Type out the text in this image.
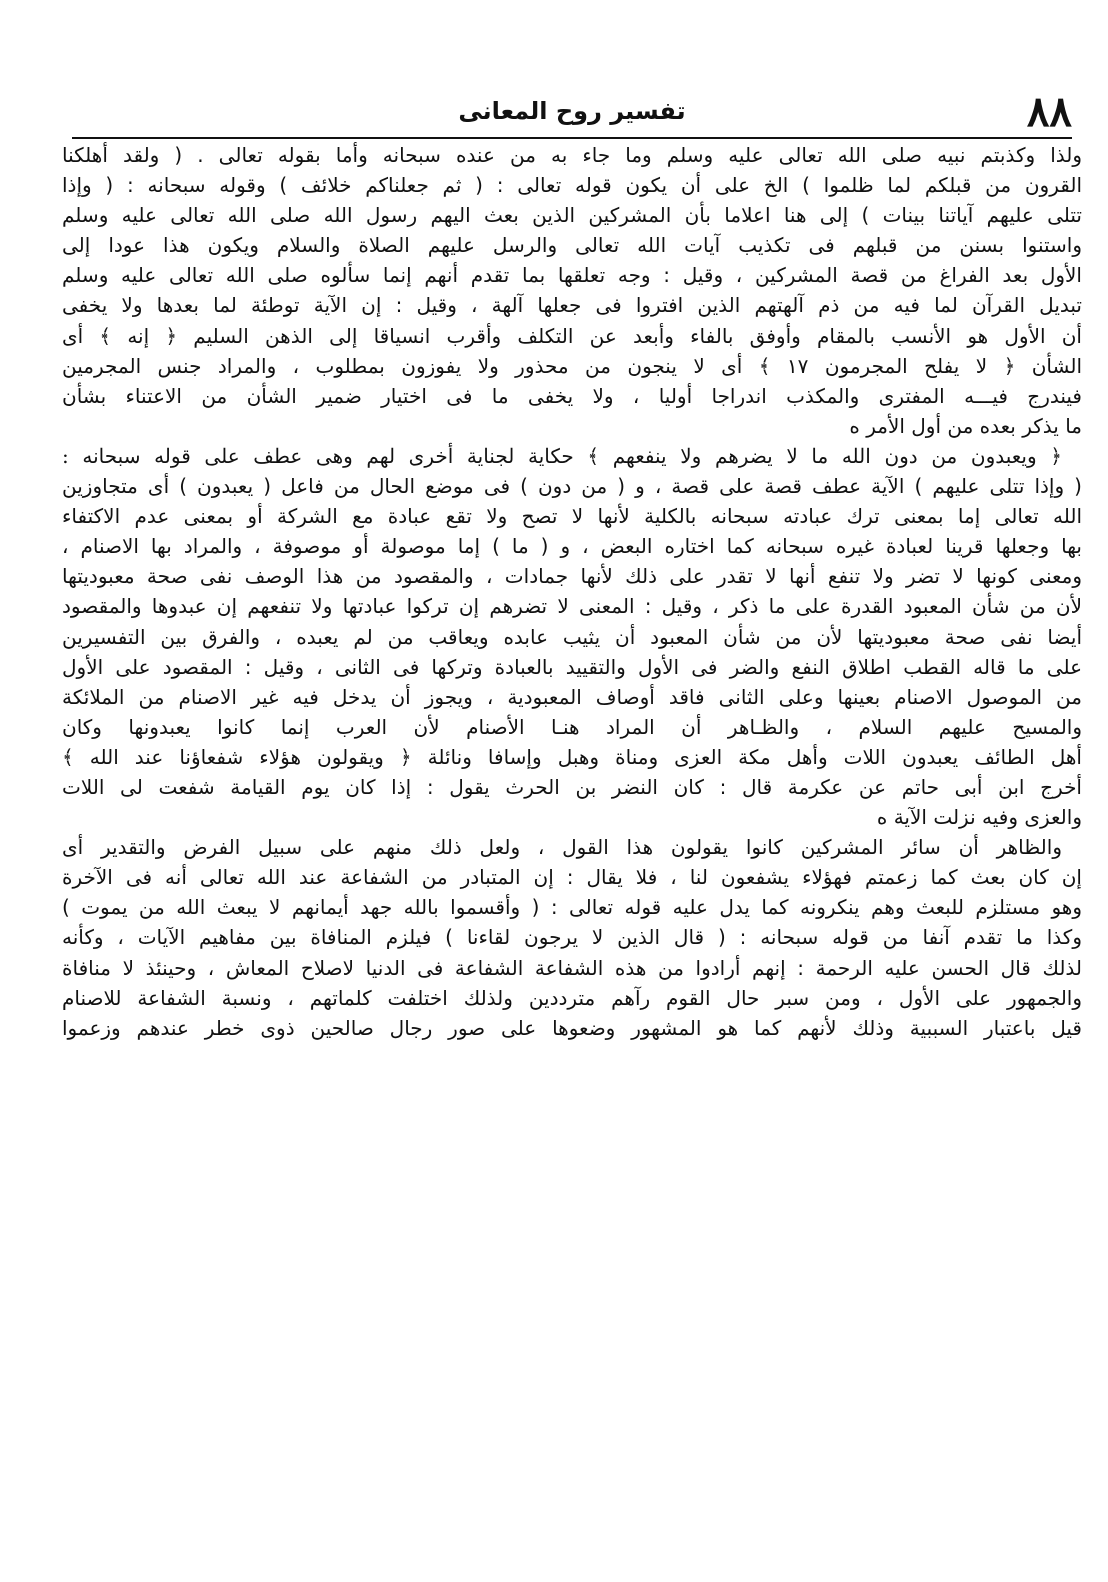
٨٨
تفسير روح المعانى
ولذا وكذبتم نبيه صلى الله تعالى عليه وسلم وما جاء به من عنده سبحانه وأما بقوله تعالى . ( ولقد أهلكنا
القرون من قبلكم لما ظلموا ) الخ على أن يكون قوله تعالى : ( ثم جعلناكم خلائف ) وقوله سبحانه : ( وإذا
تتلى عليهم آياتنا بينات ) إلى هنا اعلاما بأن المشركين الذين بعث اليهم رسول الله صلى الله تعالى عليه وسلم
واستنوا بسنن من قبلهم فى تكذيب آيات الله تعالى والرسل عليهم الصلاة والسلام ويكون هذا عودا إلى
الأول بعد الفراغ من قصة المشركين ، وقيل : وجه تعلقها بما تقدم أنهم إنما سألوه صلى الله تعالى عليه وسلم
تبديل القرآن لما فيه من ذم آلهتهم الذين افتروا فى جعلها آلهة ، وقيل : إن الآية توطئة لما بعدها ولا يخفى
أن الأول هو الأنسب بالمقام وأوفق بالفاء وأبعد عن التكلف وأقرب انسياقا إلى الذهن السليم ﴿ إنه ﴾ أى
الشأن ﴿ لا يفلح المجرمون ١٧ ﴾ أى لا ينجون من محذور ولا يفوزون بمطلوب ، والمراد جنس المجرمين
فيندرج فيـــه المفترى والمكذب اندراجا أوليا ، ولا يخفى ما فى اختيار ضمير الشأن من الاعتناء بشأن
ما يذكر بعده من أول الأمر ه
﴿ ويعبدون من دون الله ما لا يضرهم ولا ينفعهم ﴾ حكاية لجناية أخرى لهم وهى عطف على قوله سبحانه :
( وإذا تتلى عليهم ) الآية عطف قصة على قصة ، و ( من دون ) فى موضع الحال من فاعل ( يعبدون ) أى متجاوزين
الله تعالى إما بمعنى ترك عبادته سبحانه بالكلية لأنها لا تصح ولا تقع عبادة مع الشركة أو بمعنى عدم الاكتفاء
بها وجعلها قرينا لعبادة غيره سبحانه كما اختاره البعض ، و ( ما ) إما موصولة أو موصوفة ، والمراد بها الاصنام ،
ومعنى كونها لا تضر ولا تنفع أنها لا تقدر على ذلك لأنها جمادات ، والمقصود من هذا الوصف نفى صحة معبوديتها
لأن من شأن المعبود القدرة على ما ذكر ، وقيل : المعنى لا تضرهم إن تركوا عبادتها ولا تنفعهم إن عبدوها والمقصود
أيضا نفى صحة معبوديتها لأن من شأن المعبود أن يثيب عابده ويعاقب من لم يعبده ، والفرق بين التفسيرين
على ما قاله القطب اطلاق النفع والضر فى الأول والتقييد بالعبادة وتركها فى الثانى ، وقيل : المقصود على الأول
من الموصول الاصنام بعينها وعلى الثانى فاقد أوصاف المعبودية ، ويجوز أن يدخل فيه غير الاصنام من الملائكة
والمسيح عليهم السلام ، والظـاهر أن المراد هنـا الأصنام لأن العرب إنما كانوا يعبدونها وكان
أهل الطائف يعبدون اللات وأهل مكة العزى ومناة وهبل وإسافا ونائلة ﴿ ويقولون هؤلاء شفعاؤنا عند الله ﴾
أخرج ابن أبى حاتم عن عكرمة قال : كان النضر بن الحرث يقول : إذا كان يوم القيامة شفعت لى اللات
والعزى وفيه نزلت الآية ه
والظاهر أن سائر المشركين كانوا يقولون هذا القول ، ولعل ذلك منهم على سبيل الفرض والتقدير أى
إن كان بعث كما زعمتم فهؤلاء يشفعون لنا ، فلا يقال : إن المتبادر من الشفاعة عند الله تعالى أنه فى الآخرة
وهو مستلزم للبعث وهم ينكرونه كما يدل عليه قوله تعالى : ( وأقسموا بالله جهد أيمانهم لا يبعث الله من يموت )
وكذا ما تقدم آنفا من قوله سبحانه : ( قال الذين لا يرجون لقاءنا ) فيلزم المنافاة بين مفاهيم الآيات ، وكأنه
لذلك قال الحسن عليه الرحمة : إنهم أرادوا من هذه الشفاعة الشفاعة فى الدنيا لاصلاح المعاش ، وحينئذ لا منافاة
والجمهور على الأول ، ومن سبر حال القوم رآهم مترددين ولذلك اختلفت كلماتهم ، ونسبة الشفاعة للاصنام
قيل باعتبار السببية وذلك لأنهم كما هو المشهور وضعوها على صور رجال صالحين ذوى خطر عندهم وزعموا
